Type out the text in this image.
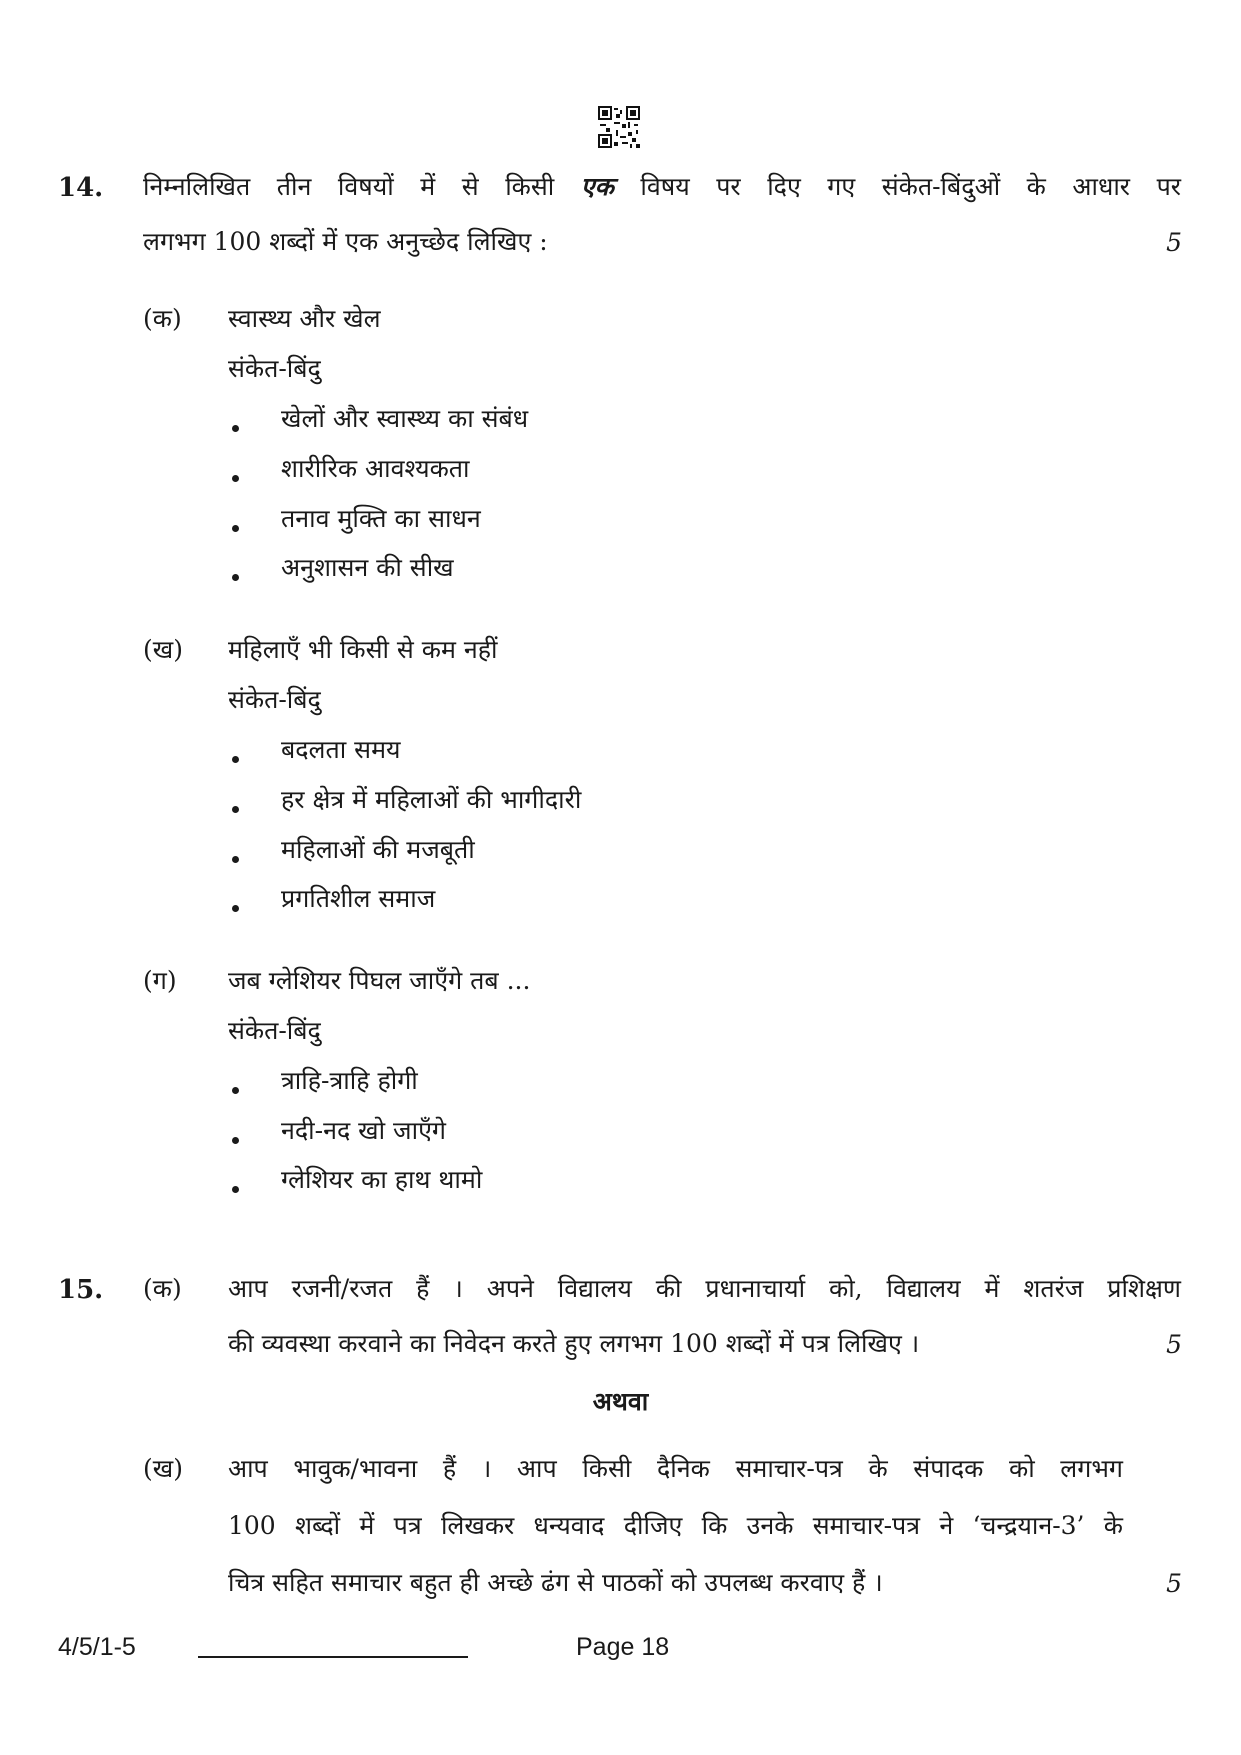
14. निम्नलिखित तीन विषयों में से किसी एक विषय पर दिए गए संकेत-बिंदुओं के आधार पर
लगभग 100 शब्दों में एक अनुच्छेद लिखिए :	5
(क) स्वास्थ्य और खेल
संकेत-बिंदु
खेलों और स्वास्थ्य का संबंध
शारीरिक आवश्यकता
तनाव मुक्ति का साधन
अनुशासन की सीख
(ख) महिलाएँ भी किसी से कम नहीं
संकेत-बिंदु
बदलता समय
हर क्षेत्र में महिलाओं की भागीदारी
महिलाओं की मजबूती
प्रगतिशील समाज
(ग) जब ग्लेशियर पिघल जाएँगे तब ...
संकेत-बिंदु
त्राहि-त्राहि होगी
नदी-नद खो जाएँगे
ग्लेशियर का हाथ थामो
15. (क) आप रजनी/रजत हैं । अपने विद्यालय की प्रधानाचार्या को, विद्यालय में शतरंज प्रशिक्षण
की व्यवस्था करवाने का निवेदन करते हुए लगभग 100 शब्दों में पत्र लिखिए ।	5
अथवा
(ख) आप भावुक/भावना हैं । आप किसी दैनिक समाचार-पत्र के संपादक को लगभग
100 शब्दों में पत्र लिखकर धन्यवाद दीजिए कि उनके समाचार-पत्र ने ‘चन्द्रयान-3’ के
चित्र सहित समाचार बहुत ही अच्छे ढंग से पाठकों को उपलब्ध करवाए हैं ।	5
4/5/1-5	Page 18
